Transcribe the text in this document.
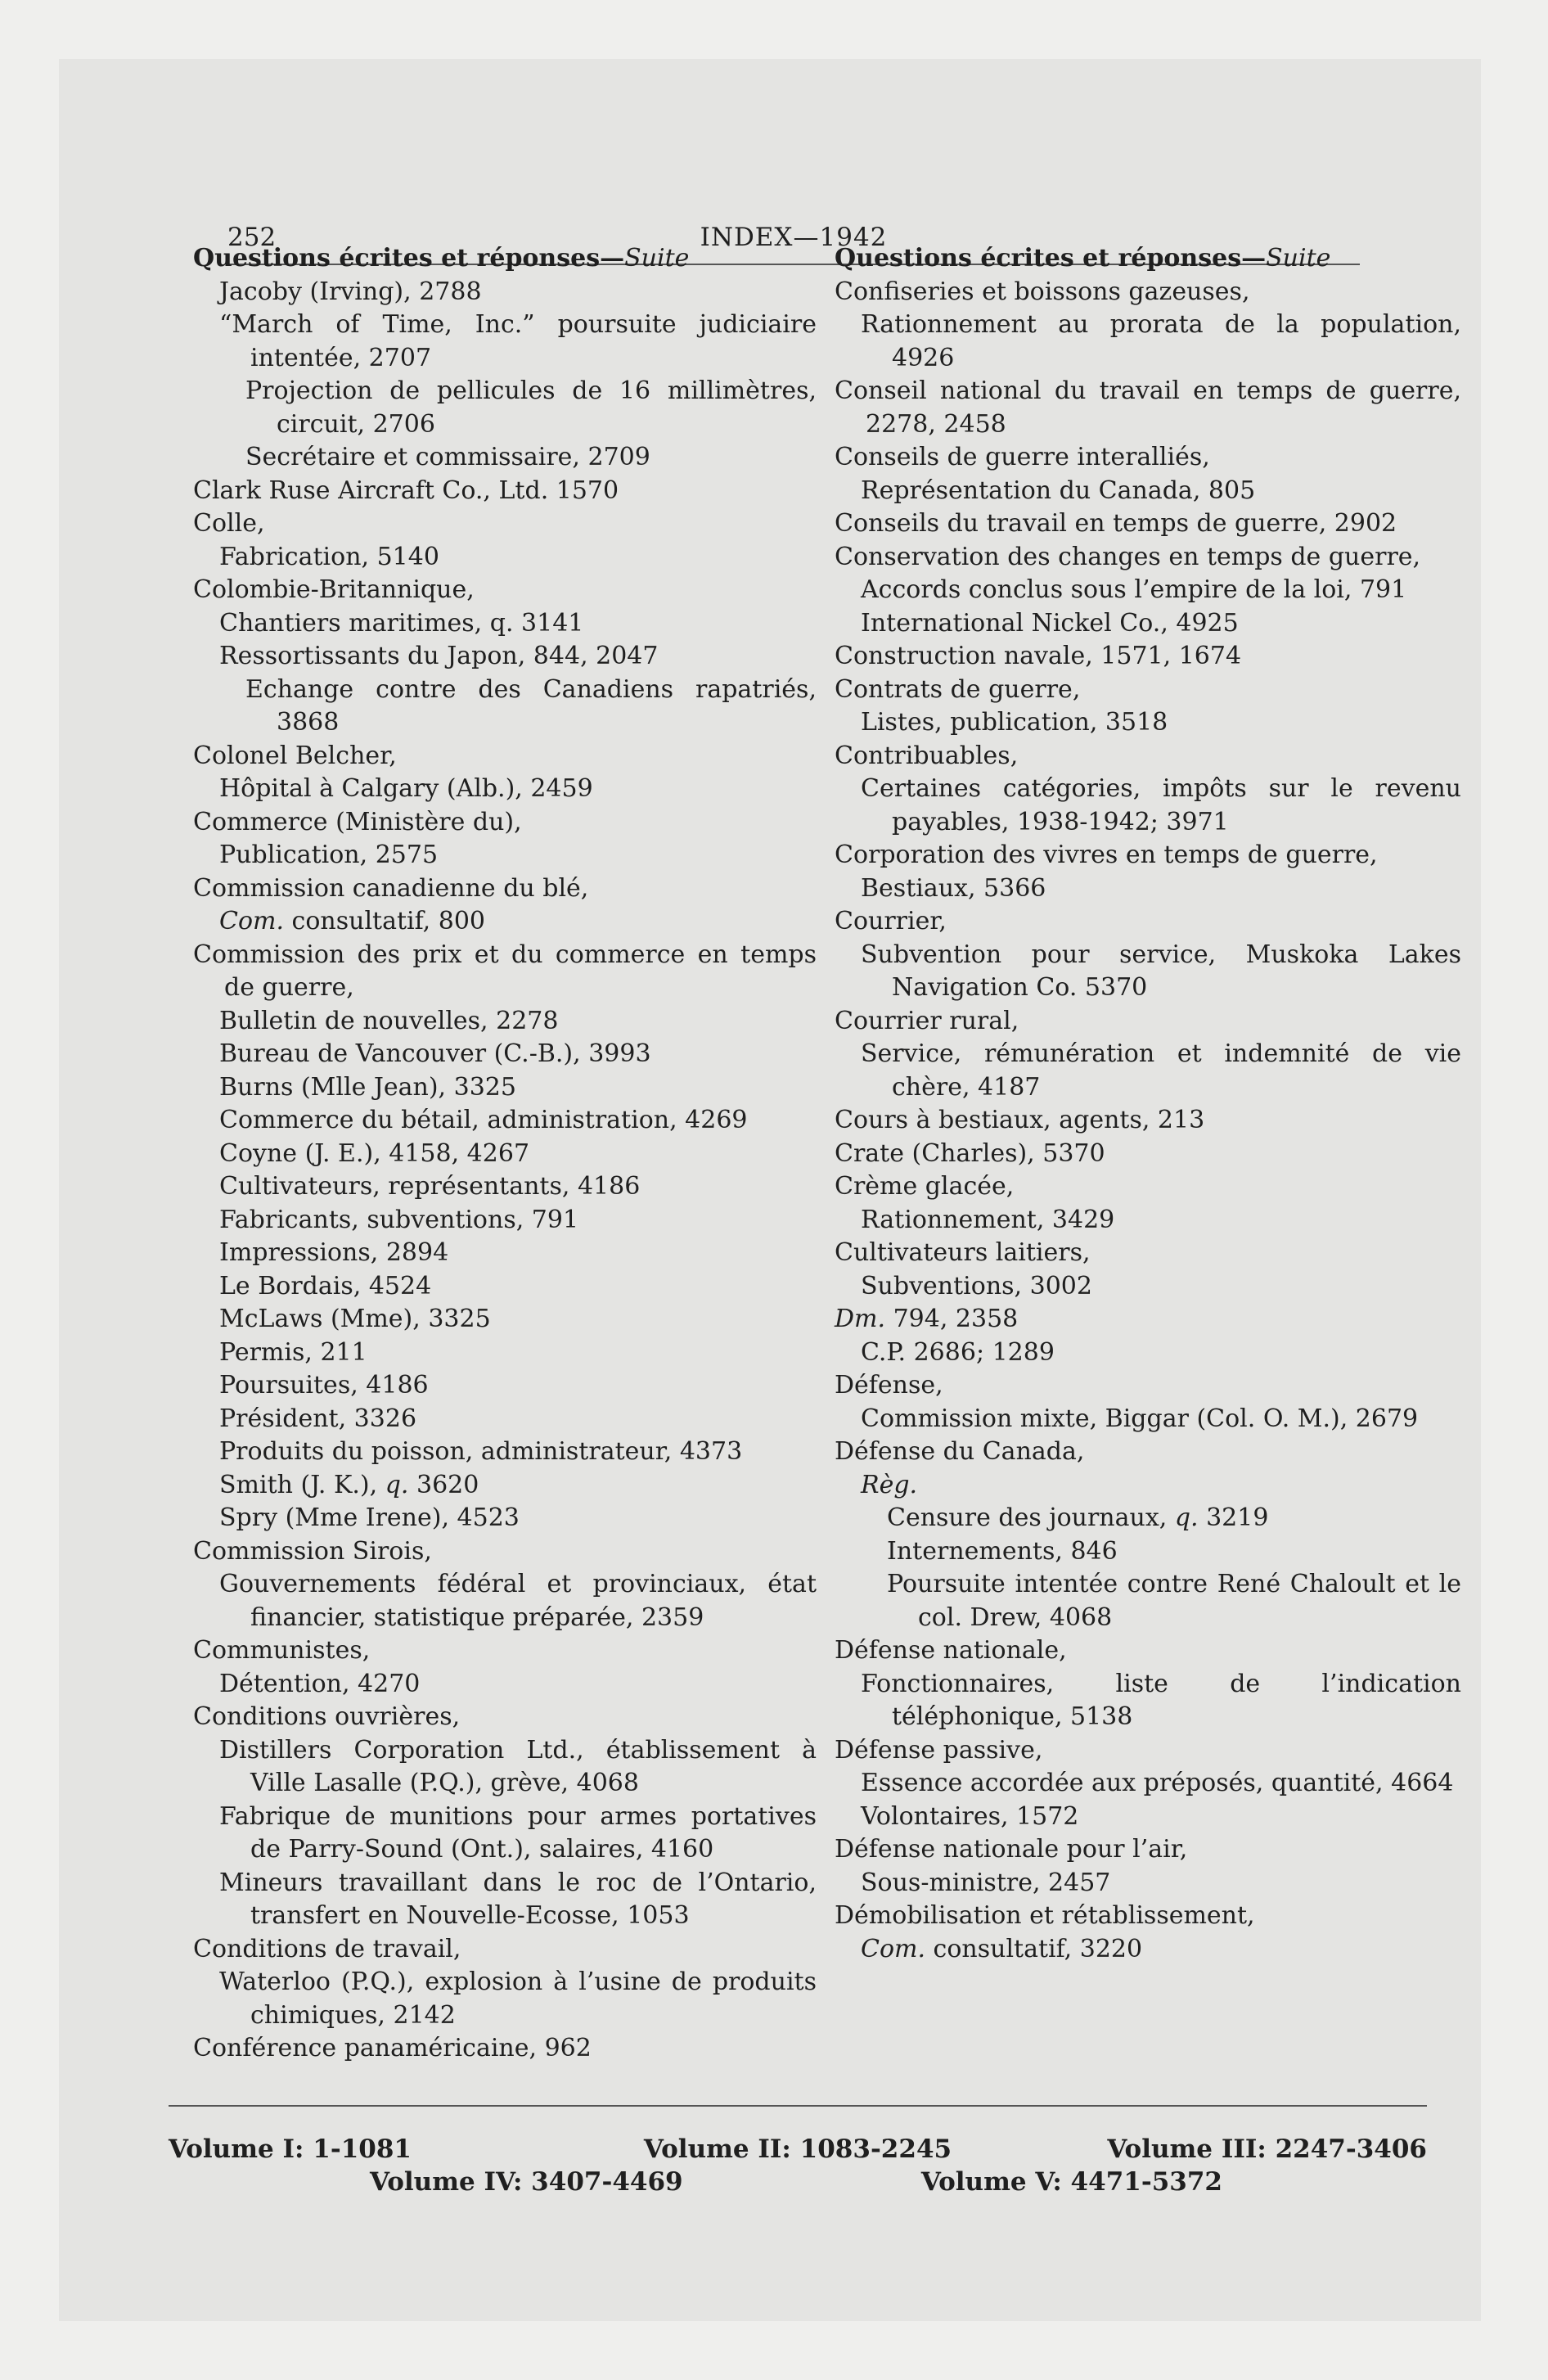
252	INDEX—1942
Questions écrites et réponses—Suite
Jacoby (Irving), 2788
“March of Time, Inc.” poursuite judiciaire intentée, 2707
Projection de pellicules de 16 millimètres, circuit, 2706
Secrétaire et commissaire, 2709
Clark Ruse Aircraft Co., Ltd. 1570
Colle,
Fabrication, 5140
Colombie-Britannique,
Chantiers maritimes, q. 3141
Ressortissants du Japon, 844, 2047
Echange contre des Canadiens rapatriés, 3868
Colonel Belcher,
Hôpital à Calgary (Alb.), 2459
Commerce (Ministère du),
Publication, 2575
Commission canadienne du blé,
Com. consultatif, 800
Commission des prix et du commerce en temps de guerre,
Bulletin de nouvelles, 2278
Bureau de Vancouver (C.-B.), 3993
Burns (Mlle Jean), 3325
Commerce du bétail, administration, 4269
Coyne (J. E.), 4158, 4267
Cultivateurs, représentants, 4186
Fabricants, subventions, 791
Impressions, 2894
Le Bordais, 4524
McLaws (Mme), 3325
Permis, 211
Poursuites, 4186
Président, 3326
Produits du poisson, administrateur, 4373
Smith (J. K.), q. 3620
Spry (Mme Irene), 4523
Commission Sirois,
Gouvernements fédéral et provinciaux, état financier, statistique préparée, 2359
Communistes,
Détention, 4270
Conditions ouvrières,
Distillers Corporation Ltd., établissement à Ville Lasalle (P.Q.), grève, 4068
Fabrique de munitions pour armes portatives de Parry-Sound (Ont.), salaires, 4160
Mineurs travaillant dans le roc de l’Ontario, transfert en Nouvelle-Ecosse, 1053
Conditions de travail,
Waterloo (P.Q.), explosion à l’usine de produits chimiques, 2142
Conférence panaméricaine, 962
Questions écrites et réponses—Suite
Confiseries et boissons gazeuses,
Rationnement au prorata de la population, 4926
Conseil national du travail en temps de guerre, 2278, 2458
Conseils de guerre interalliés,
Représentation du Canada, 805
Conseils du travail en temps de guerre, 2902
Conservation des changes en temps de guerre,
Accords conclus sous l’empire de la loi, 791
International Nickel Co., 4925
Construction navale, 1571, 1674
Contrats de guerre,
Listes, publication, 3518
Contribuables,
Certaines catégories, impôts sur le revenu payables, 1938-1942; 3971
Corporation des vivres en temps de guerre,
Bestiaux, 5366
Courrier,
Subvention pour service, Muskoka Lakes Navigation Co. 5370
Courrier rural,
Service, rémunération et indemnité de vie chère, 4187
Cours à bestiaux, agents, 213
Crate (Charles), 5370
Crème glacée,
Rationnement, 3429
Cultivateurs laitiers,
Subventions, 3002
Dm. 794, 2358
C.P. 2686; 1289
Défense,
Commission mixte, Biggar (Col. O. M.), 2679
Défense du Canada,
Règ.
Censure des journaux, q. 3219
Internements, 846
Poursuite intentée contre René Chaloult et le col. Drew, 4068
Défense nationale,
Fonctionnaires, liste de l’indication téléphonique, 5138
Défense passive,
Essence accordée aux préposés, quantité, 4664
Volontaires, 1572
Défense nationale pour l’air,
Sous-ministre, 2457
Démobilisation et rétablissement,
Com. consultatif, 3220
Volume I: 1-1081	Volume II: 1083-2245	Volume III: 2247-3406
Volume IV: 3407-4469	Volume V: 4471-5372
